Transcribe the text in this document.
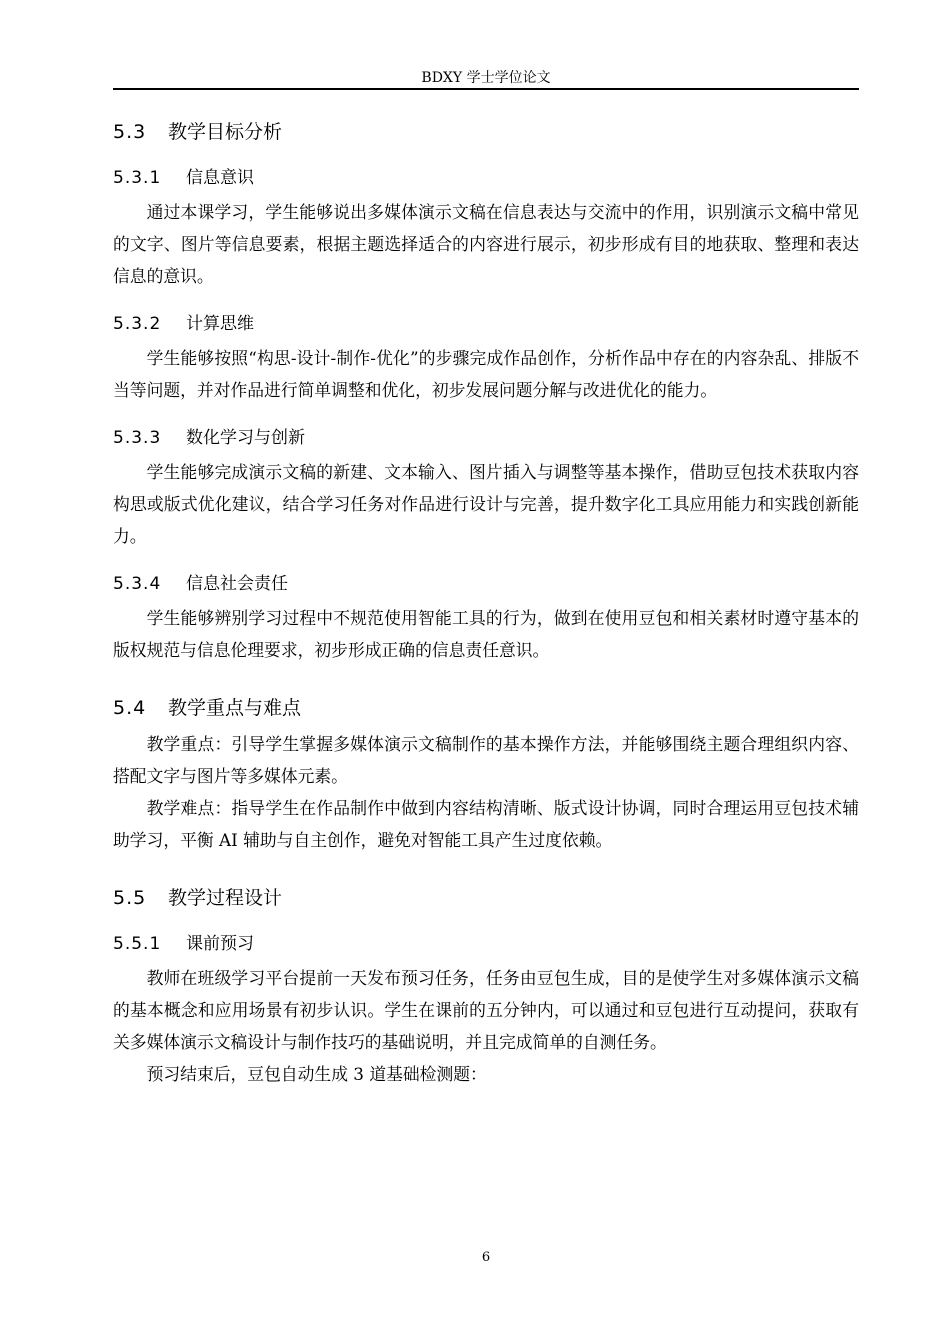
BDXY 学士学位论文
5.3 教学目标分析
5.3.1 信息意识

通过本课学习，学生能够说出多媒体演示文稿在信息表达与交流中的作用，识别演示文稿中常见的文字、图片等信息要素，根据主题选择适合的内容进行展示，初步形成有目的地获取、整理和表达信息的意识。

5.3.2 计算思维

学生能够按照“构思-设计-制作-优化”的步骤完成作品创作，分析作品中存在的内容杂乱、排版不当等问题，并对作品进行简单调整和优化，初步发展问题分解与改进优化的能力。

5.3.3 数化学习与创新

学生能够完成演示文稿的新建、文本输入、图片插入与调整等基本操作，借助豆包技术获取内容构思或版式优化建议，结合学习任务对作品进行设计与完善，提升数字化工具应用能力和实践创新能力。

5.3.4 信息社会责任

学生能够辨别学习过程中不规范使用智能工具的行为，做到在使用豆包和相关素材时遵守基本的版权规范与信息伦理要求，初步形成正确的信息责任意识。

5.4 教学重点与难点

教学重点：引导学生掌握多媒体演示文稿制作的基本操作方法，并能够围绕主题合理组织内容、搭配文字与图片等多媒体元素。

教学难点：指导学生在作品制作中做到内容结构清晰、版式设计协调，同时合理运用豆包技术辅助学习，平衡 AI 辅助与自主创作，避免对智能工具产生过度依赖。

5.5 教学过程设计
5.5.1 课前预习

教师在班级学习平台提前一天发布预习任务，任务由豆包生成，目的是使学生对多媒体演示文稿的基本概念和应用场景有初步认识。学生在课前的五分钟内，可以通过和豆包进行互动提问，获取有关多媒体演示文稿设计与制作技巧的基础说明，并且完成简单的自测任务。

预习结束后，豆包自动生成 3 道基础检测题：

6
